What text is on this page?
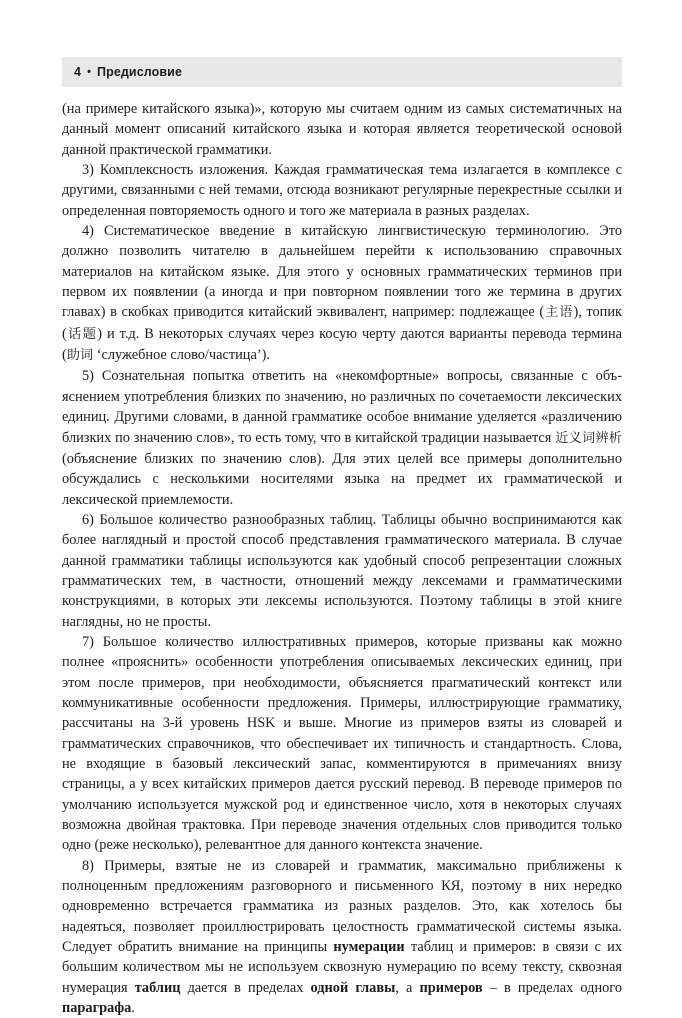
4 • Предисловие

(на примере китайского языка)», которую мы считаем одним из самых систематичных на данный момент описаний китайского языка и которая является теоретической основой данной практической грамматики.

3) Комплексность изложения. Каждая грамматическая тема излагается в комплексе с другими, связанными с ней темами, отсюда возникают регулярные перекрестные ссылки и определенная повторяемость одного и того же материала в разных разделах.

4) Систематическое введение в китайскую лингвистическую терминологию. Это должно позволить читателю в дальнейшем перейти к использованию справочных материалов на китайском языке. Для этого у основных грамматических терминов при первом их появлении (а иногда и при повторном появлении того же термина в других главах) в скобках приводится китайский эквивалент, например: подлежащее (主语), топик (话题) и т.д. В некоторых случаях через косую черту даются варианты перевода термина (助词 ‘служебное слово/частица’).

5) Сознательная попытка ответить на «некомфортные» вопросы, связанные с объяснением употребления близких по значению, но различных по сочетаемости лексических единиц. Другими словами, в данной грамматике особое внимание уделяется «различению близких по значению слов», то есть тому, что в китайской традиции называется 近义词辨析 (объяснение близких по значению слов). Для этих целей все примеры дополнительно обсуждались с несколькими носителями языка на предмет их грамматической и лексической приемлемости.

6) Большое количество разнообразных таблиц. Таблицы обычно воспринимаются как более наглядный и простой способ представления грамматического материала. В случае данной грамматики таблицы используются как удобный способ репрезентации сложных грамматических тем, в частности, отношений между лексемами и грамматическими конструкциями, в которых эти лексемы используются. Поэтому таблицы в этой книге наглядны, но не просты.

7) Большое количество иллюстративных примеров, которые призваны как можно полнее «прояснить» особенности употребления описываемых лексических единиц, при этом после примеров, при необходимости, объясняется прагматический контекст или коммуникативные особенности предложения. Примеры, иллюстрирующие грамматику, рассчитаны на 3-й уровень HSK и выше. Многие из примеров взяты из словарей и грамматических справочников, что обеспечивает их типичность и стандартность. Слова, не входящие в базовый лексический запас, комментируются в примечаниях внизу страницы, а у всех китайских примеров дается русский перевод. В переводе примеров по умолчанию используется мужской род и единственное число, хотя в некоторых случаях возможна двойная трактовка. При переводе значения отдельных слов приводится только одно (реже несколько), релевантное для данного контекста значение.

8) Примеры, взятые не из словарей и грамматик, максимально приближены к полноценным предложениям разговорного и письменного КЯ, поэтому в них нередко одновременно встречается грамматика из разных разделов. Это, как хотелось бы надеяться, позволяет проиллюстрировать целостность грамматической системы языка. Следует обратить внимание на принципы нумерации таблиц и примеров: в связи с их большим количеством мы не используем сквозную нумерацию по всему тексту, сквозная нумерация таблиц дается в пределах одной главы, а примеров – в пределах одного параграфа.
